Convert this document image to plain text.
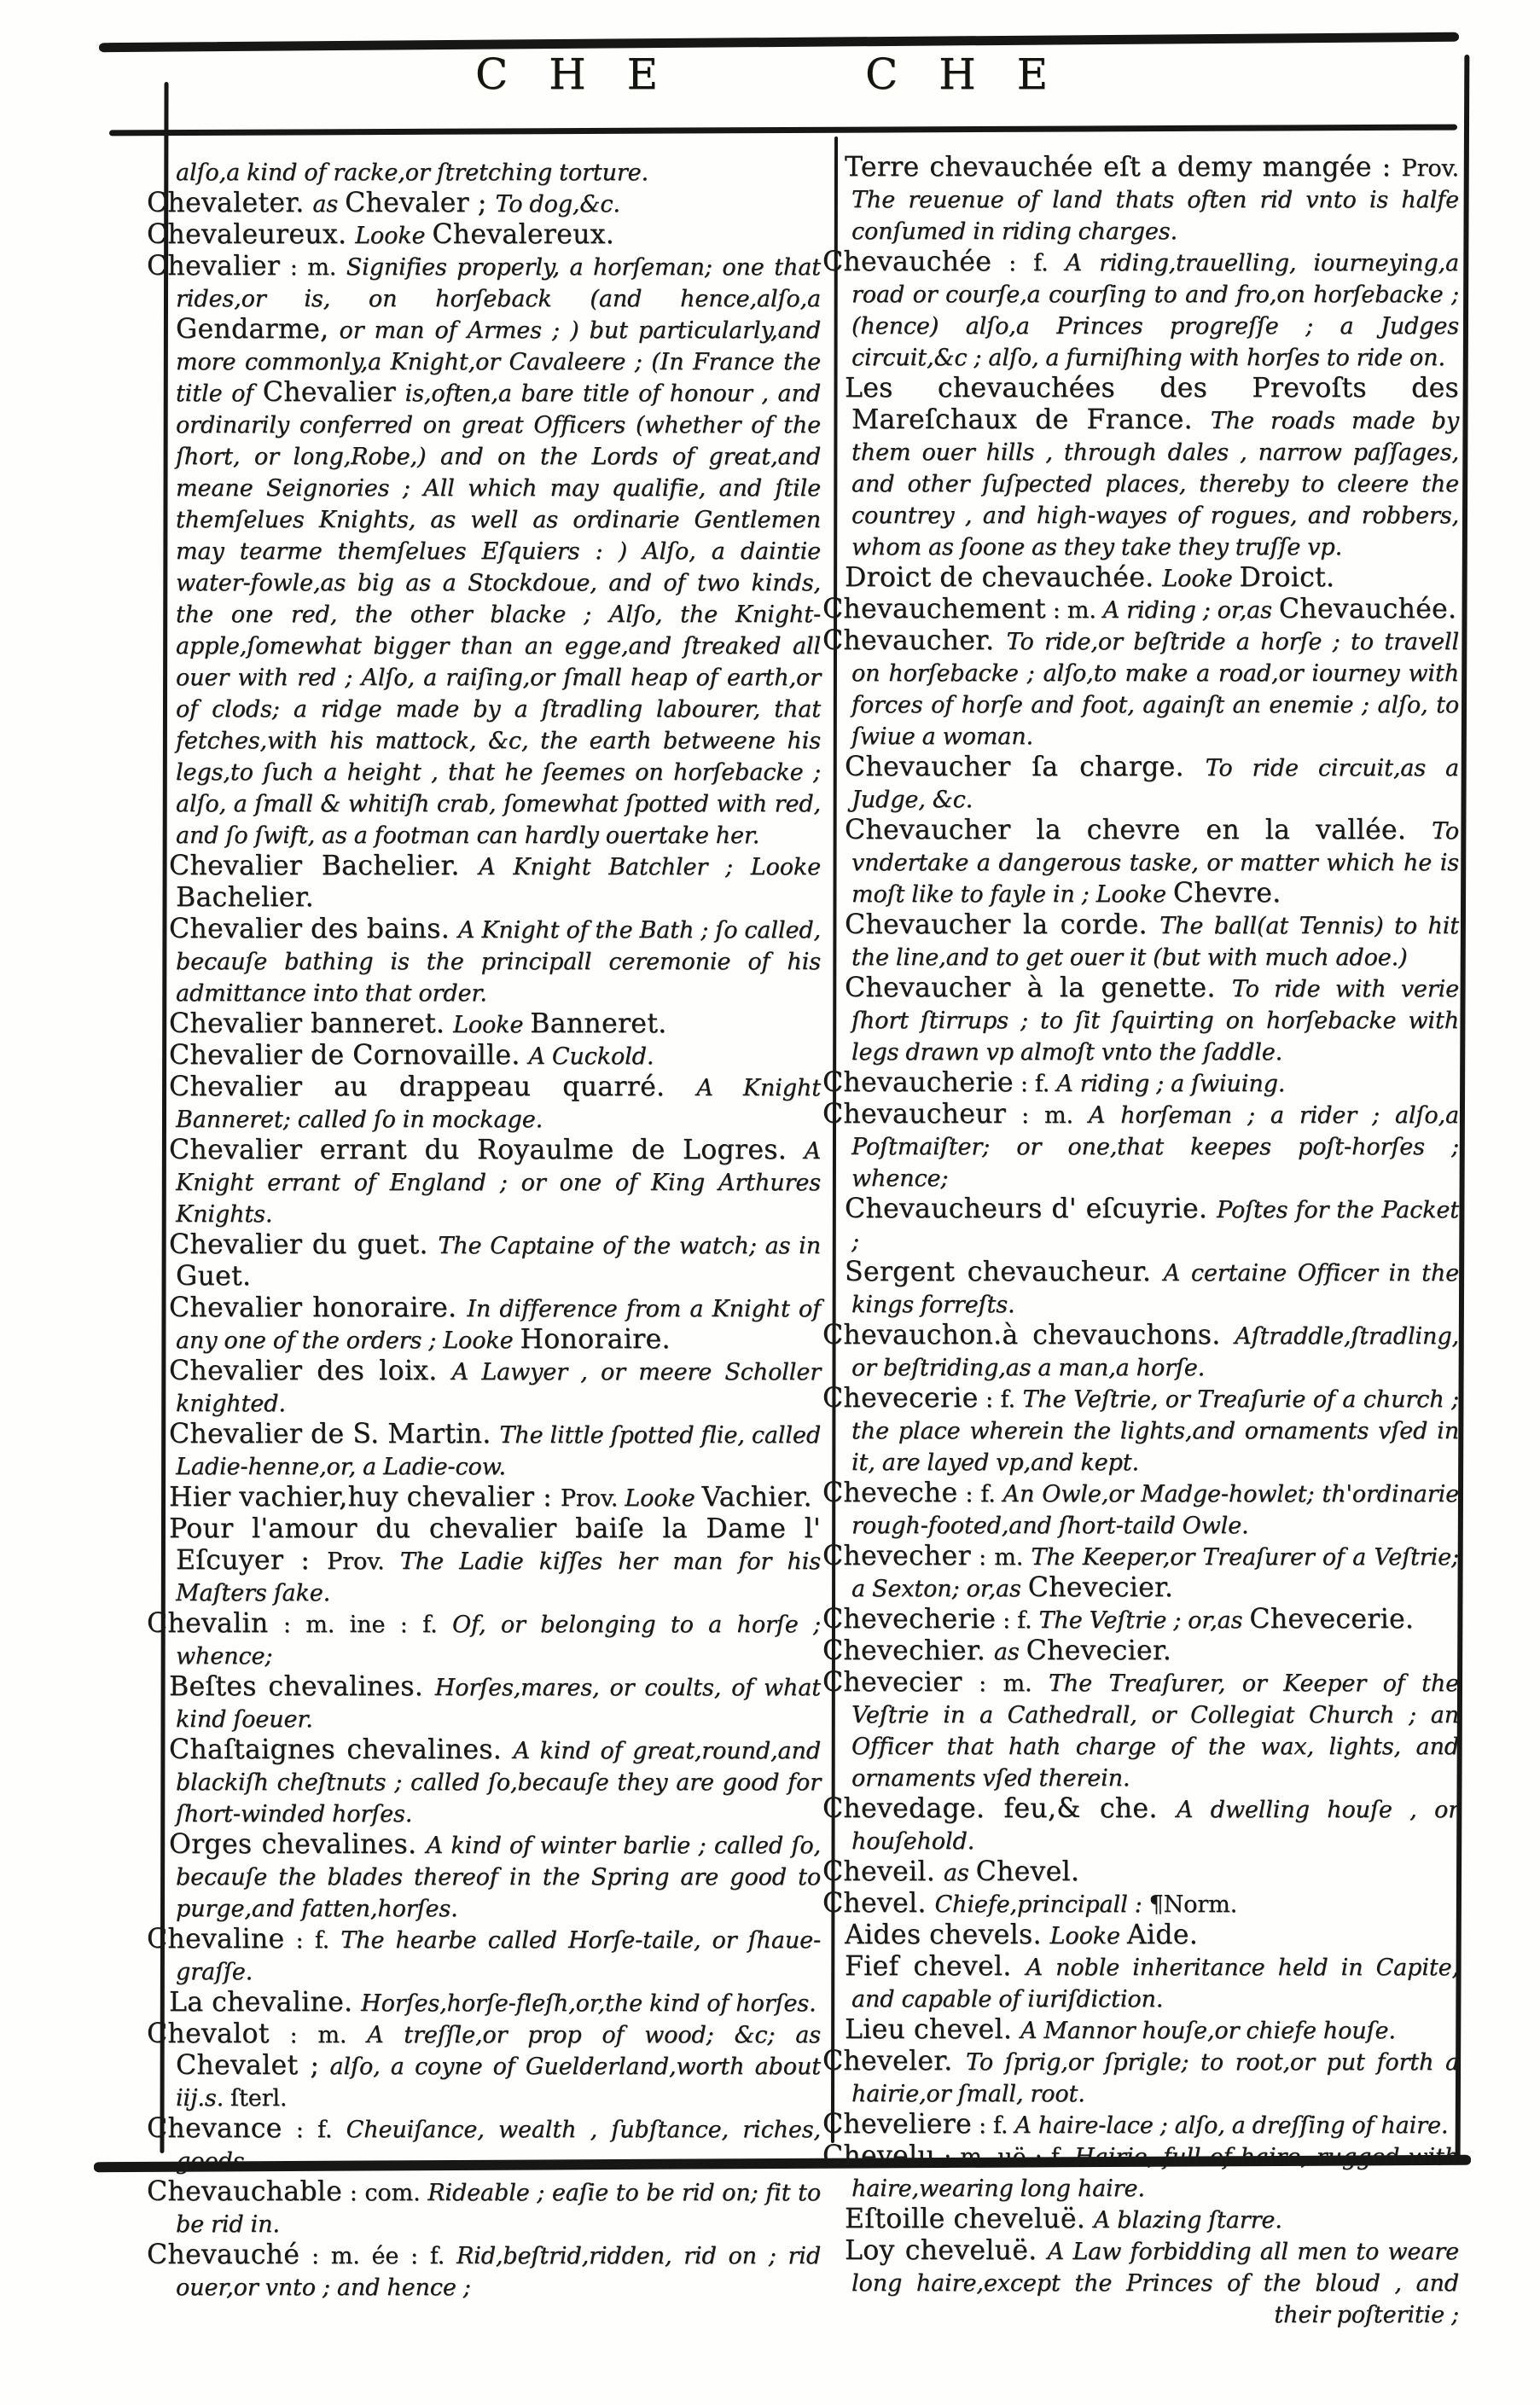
C H E	C H E

alſo,a kind of racke,or ſtretching torture.

Chevaleter. as Chevaler ; To dog,&c.

Chevaleureux. Looke Chevalereux.

Chevalier : m. Signifies properly, a horſeman; one that rides,or is, on horſeback (and hence,alſo,a Gendarme, or man of Armes ; ) but particularly,and more commonly,a Knight,or Cavaleere ; (In France the title of Chevalier is,often,a bare title of honour , and ordinarily conferred on great Officers (whether of the ſhort, or long,Robe,) and on the Lords of great,and meane Seignories ; All which may qualifie, and ſtile themſelues Knights, as well as ordinarie Gentlemen may tearme themſelues Eſquiers : ) Alſo, a daintie water-fowle,as big as a Stockdoue, and of two kinds, the one red, the other blacke ; Alſo, the Knight-apple,ſomewhat bigger than an egge,and ſtreaked all ouer with red ; Alſo, a raiſing,or ſmall heap of earth,or of clods; a ridge made by a ſtradling labourer, that fetches,with his mattock, &c, the earth betweene his legs,to ſuch a height , that he ſeemes on horſebacke ; alſo, a ſmall & whitiſh crab, ſomewhat ſpotted with red, and ſo ſwift, as a footman can hardly ouertake her.

Chevalier Bachelier. A Knight Batchler ; Looke Bachelier.

Chevalier des bains. A Knight of the Bath ; ſo called, becauſe bathing is the principall ceremonie of his admittance into that order.

Chevalier banneret. Looke Banneret.

Chevalier de Cornovaille. A Cuckold.

Chevalier au drappeau quarré. A Knight Banneret; called ſo in mockage.

Chevalier errant du Royaulme de Logres. A Knight errant of England ; or one of King Arthures Knights.

Chevalier du guet. The Captaine of the watch; as in Guet.

Chevalier honoraire. In difference from a Knight of any one of the orders ; Looke Honoraire.

Chevalier des loix. A Lawyer , or meere Scholler knighted.

Chevalier de S. Martin. The little ſpotted flie, called Ladie-henne,or, a Ladie-cow.

Hier vachier,huy chevalier : Prov. Looke Vachier.

Pour l'amour du chevalier baiſe la Dame l' Eſcuyer : Prov. The Ladie kiſſes her man for his Maſters ſake.

Chevalin : m. ine : f. Of, or belonging to a horſe ; whence;

Beſtes chevalines. Horſes,mares, or coults, of what kind ſoeuer.

Chaſtaignes chevalines. A kind of great,round,and blackiſh cheſtnuts ; called ſo,becauſe they are good for ſhort-winded horſes.

Orges chevalines. A kind of winter barlie ; called ſo, becauſe the blades thereof in the Spring are good to purge,and fatten,horſes.

Chevaline : f. The hearbe called Horſe-taile, or ſhaue-graſſe.

La chevaline. Horſes,horſe-fleſh,or,the kind of horſes.

Chevalot : m. A treſſle,or prop of wood; &c; as Chevalet ; alſo, a coyne of Guelderland,worth about iij.s. ſterl.

Chevance : f. Cheuiſance, wealth , ſubſtance, riches, goods.

Chevauchable : com. Rideable ; eaſie to be rid on; fit to be rid in.

Chevauché : m. ée : f. Rid,beſtrid,ridden, rid on ; rid ouer,or vnto ; and hence ;

Terre chevauchée eſt a demy mangée : Prov. The reuenue of land thats often rid vnto is halfe conſumed in riding charges.

Chevauchée : f. A riding,trauelling, iourneying,a road or courſe,a courſing to and fro,on horſebacke ; (hence) alſo,a Princes progreſſe ; a Judges circuit,&c ; alſo, a furniſhing with horſes to ride on.

Les chevauchées des Prevoſts des Mareſchaux de France. The roads made by them ouer hills , through dales , narrow paſſages, and other ſuſpected places, thereby to cleere the countrey , and high-wayes of rogues, and robbers, whom as ſoone as they take they truſſe vp.

Droict de chevauchée. Looke Droict.

Chevauchement : m. A riding ; or,as Chevauchée.

Chevaucher. To ride,or beſtride a horſe ; to travell on horſebacke ; alſo,to make a road,or iourney with forces of horſe and foot, againſt an enemie ; alſo, to ſwiue a woman.

Chevaucher ſa charge. To ride circuit,as a Judge, &c.

Chevaucher la chevre en la vallée. To vndertake a dangerous taske, or matter which he is moſt like to fayle in ; Looke Chevre.

Chevaucher la corde. The ball(at Tennis) to hit the line,and to get ouer it (but with much adoe.)

Chevaucher à la genette. To ride with verie ſhort ſtirrups ; to ſit ſquirting on horſebacke with legs drawn vp almoſt vnto the ſaddle.

Chevaucherie : f. A riding ; a ſwiuing.

Chevaucheur : m. A horſeman ; a rider ; alſo,a Poſtmaiſter; or one,that keepes poſt-horſes ; whence;

Chevaucheurs d' eſcuyrie. Poſtes for the Packet ;

Sergent chevaucheur. A certaine Officer in the kings forreſts.

Chevauchon.à chevauchons. Aſtraddle,ſtradling, or beſtriding,as a man,a horſe.

Chevecerie : f. The Veſtrie, or Treaſurie of a church ; the place wherein the lights,and ornaments vſed in it, are layed vp,and kept.

Cheveche : f. An Owle,or Madge-howlet; th'ordinarie rough-footed,and ſhort-taild Owle.

Chevecher : m. The Keeper,or Treaſurer of a Veſtrie; a Sexton; or,as Chevecier.

Chevecherie : f. The Veſtrie ; or,as Chevecerie.

Chevechier. as Chevecier.

Chevecier : m. The Treaſurer, or Keeper of the Veſtrie in a Cathedrall, or Collegiat Church ; an Officer that hath charge of the wax, lights, and ornaments vſed therein.

Chevedage. feu,& che. A dwelling houſe , or houſehold.

Cheveil. as Chevel.

Chevel. Chiefe,principall : ¶Norm.

Aides chevels. Looke Aide.

Fief chevel. A noble inheritance held in Capite, and capable of iuriſdiction.

Lieu chevel. A Mannor houſe,or chiefe houſe.

Cheveler. To ſprig,or ſprigle; to root,or put forth a hairie,or ſmall, root.

Cheveliere : f. A haire-lace ; alſo, a dreſſing of haire.

Chevelu : m. uë : f. Hairie, full of haire, rugged with haire,wearing long haire.

Eſtoille cheveluë. A blazing ſtarre.

Loy cheveluë. A Law forbidding all men to weare long haire,except the Princes of the bloud , and their poſteritie ;
